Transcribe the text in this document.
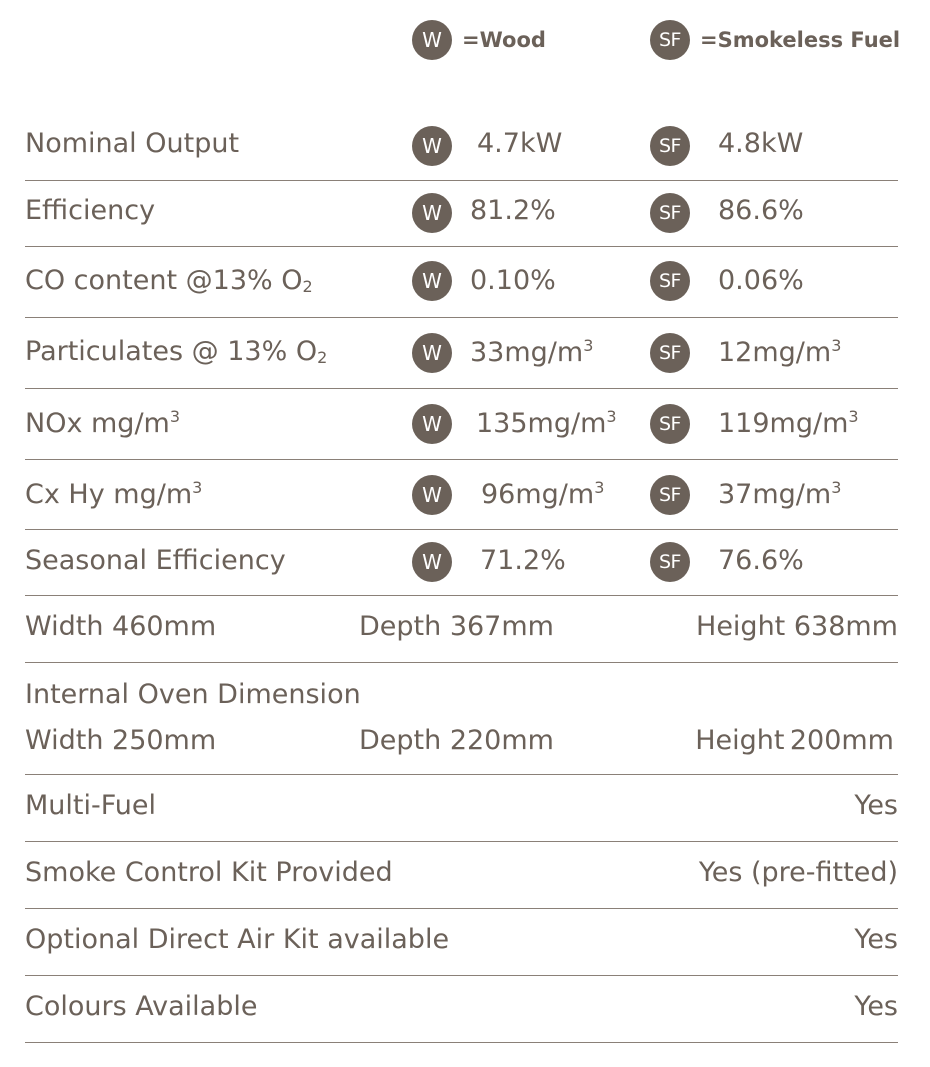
W =Wood	SF =Smokeless Fuel
Nominal Output	W	4.7kW	SF	4.8kW
Efficiency	W	81.2%	SF	86.6%
CO content @13% $O_2$	W	0.10%	SF	0.06%
Particulates @ 13% $O_2$	W	$33mg/m^3$	SF	$12mg/m^3$
NOx $mg/m^3$	W	$135mg/m^3$	SF	$119mg/m^3$
Cx Hy $mg/m^3$	W	$96mg/m^3$	SF	$37mg/m^3$
Seasonal Efficiency	W	71.2%	SF	76.6%
Width 460mm	Depth 367mm	Height 638mm
Internal Oven Dimension
Width 250mm	Depth 220mm	Height 200mm
Multi-Fuel	Yes
Smoke Control Kit Provided	Yes (pre-fitted)
Optional Direct Air Kit available	Yes
Colours Available	Yes
